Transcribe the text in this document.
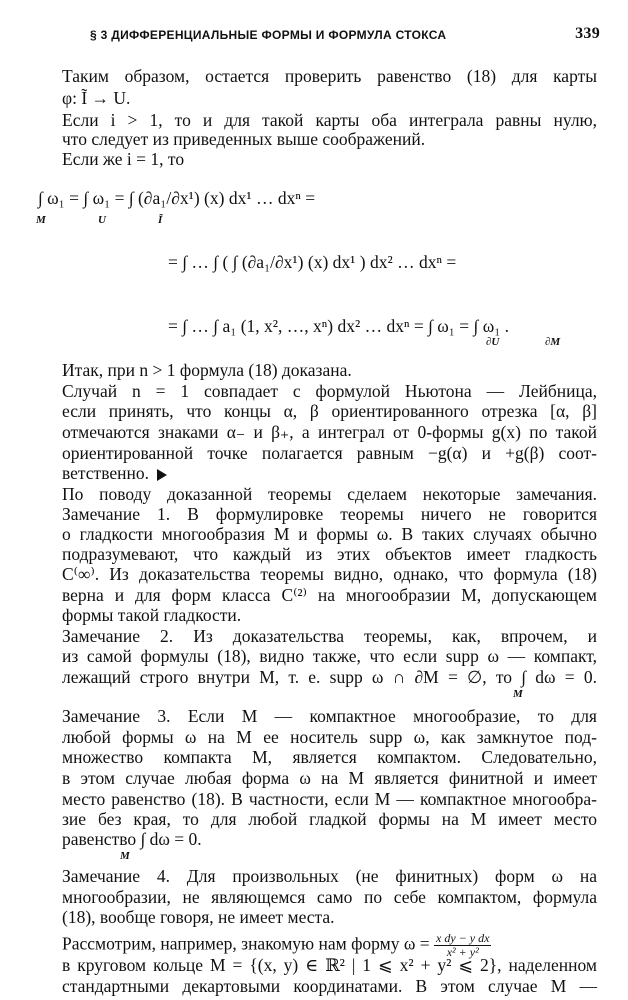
§ 3 ДИФФЕРЕНЦИАЛЬНЫЕ ФОРМЫ И ФОРМУЛА СТОКСА	339
Таким образом, остается проверить равенство (18) для карты
φ: Ĩ → U.
Если i > 1, то и для такой карты оба интеграла равны нулю,
что следует из приведенных выше соображений.
Если же i = 1, то
∫ ω₁ = ∫ ω₁ = ∫ (∂a₁/∂x¹) (x) dx¹ … dxⁿ =
M	U	Ĩ
= ∫ … ∫ ( ∫ (∂a₁/∂x¹) (x) dx¹ ) dx² … dxⁿ =
= ∫ … ∫ a₁ (1, x², …, xⁿ) dx² … dxⁿ = ∫ ω₁ = ∫ ω₁ .
∂U	∂M
Итак, при n > 1 формула (18) доказана.
Случай n = 1 совпадает с формулой Ньютона — Лейбница,
если принять, что концы α, β ориентированного отрезка [α, β]
отмечаются знаками α₋ и β₊, а интеграл от 0-формы g(x) по такой
ориентированной точке полагается равным −g(α) и +g(β) соот-
ветственно.
По поводу доказанной теоремы сделаем некоторые замечания.
Замечание 1. В формулировке теоремы ничего не говорится
о гладкости многообразия M и формы ω. В таких случаях обычно
подразумевают, что каждый из этих объектов имеет гладкость
C⁽∞⁾. Из доказательства теоремы видно, однако, что формула (18)
верна и для форм класса C⁽²⁾ на многообразии M, допускающем
формы такой гладкости.
Замечание 2. Из доказательства теоремы, как, впрочем, и
из самой формулы (18), видно также, что если supp ω — компакт,
лежащий строго внутри M, т. е. supp ω ∩ ∂M = ∅, то ∫ dω = 0.
M
Замечание 3. Если M — компактное многообразие, то для
любой формы ω на M ее носитель supp ω, как замкнутое под-
множество компакта M, является компактом. Следовательно,
в этом случае любая форма ω на M является финитной и имеет
место равенство (18). В частности, если M — компактное многообра-
зие без края, то для любой гладкой формы на M имеет место
равенство ∫ dω = 0.
M
Замечание 4. Для произвольных (не финитных) форм ω на
многообразии, не являющемся само по себе компактом, формула
(18), вообще говоря, не имеет места.
Рассмотрим, например, знакомую нам форму $\omega = \frac{\text{x dy − y dx}}{\text{x² + y²}}$
в круговом кольце M = {(x, y) ∈ ℝ² | 1 ⩽ x² + y² ⩽ 2}, наделенном
стандартными декартовыми координатами. В этом случае M —
